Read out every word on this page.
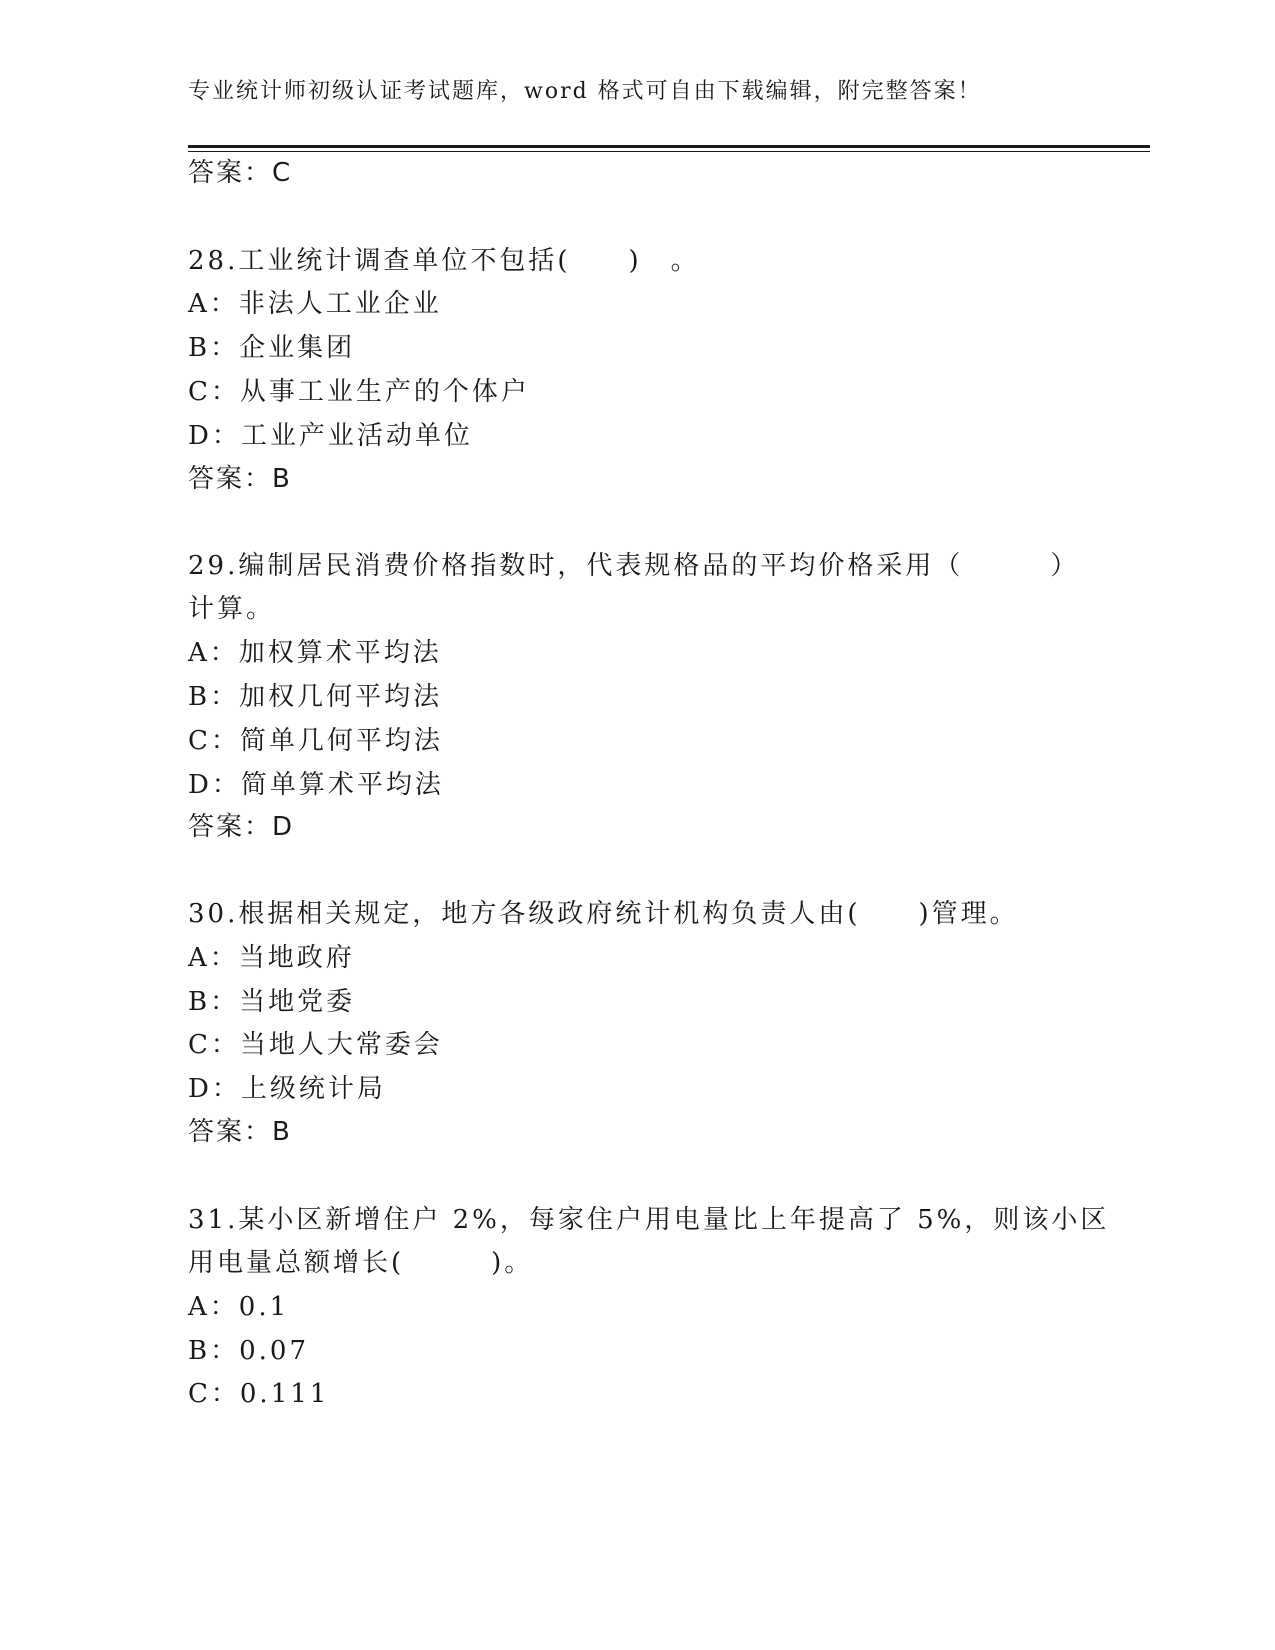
专业统计师初级认证考试题库，word 格式可自由下载编辑，附完整答案！
答案：C
28.工业统计调查单位不包括(　　)　。
A：非法人工业企业
B：企业集团
C：从事工业生产的个体户
D：工业产业活动单位
答案：B
29.编制居民消费价格指数时，代表规格品的平均价格采用（　　　）
计算。
A：加权算术平均法
B：加权几何平均法
C：简单几何平均法
D：简单算术平均法
答案：D
30.根据相关规定，地方各级政府统计机构负责人由(　　)管理。
A：当地政府
B：当地党委
C：当地人大常委会
D：上级统计局
答案：B
31.某小区新增住户 2%，每家住户用电量比上年提高了 5%，则该小区
用电量总额增长(　　　)。
A：0.1
B：0.07
C：0.111
